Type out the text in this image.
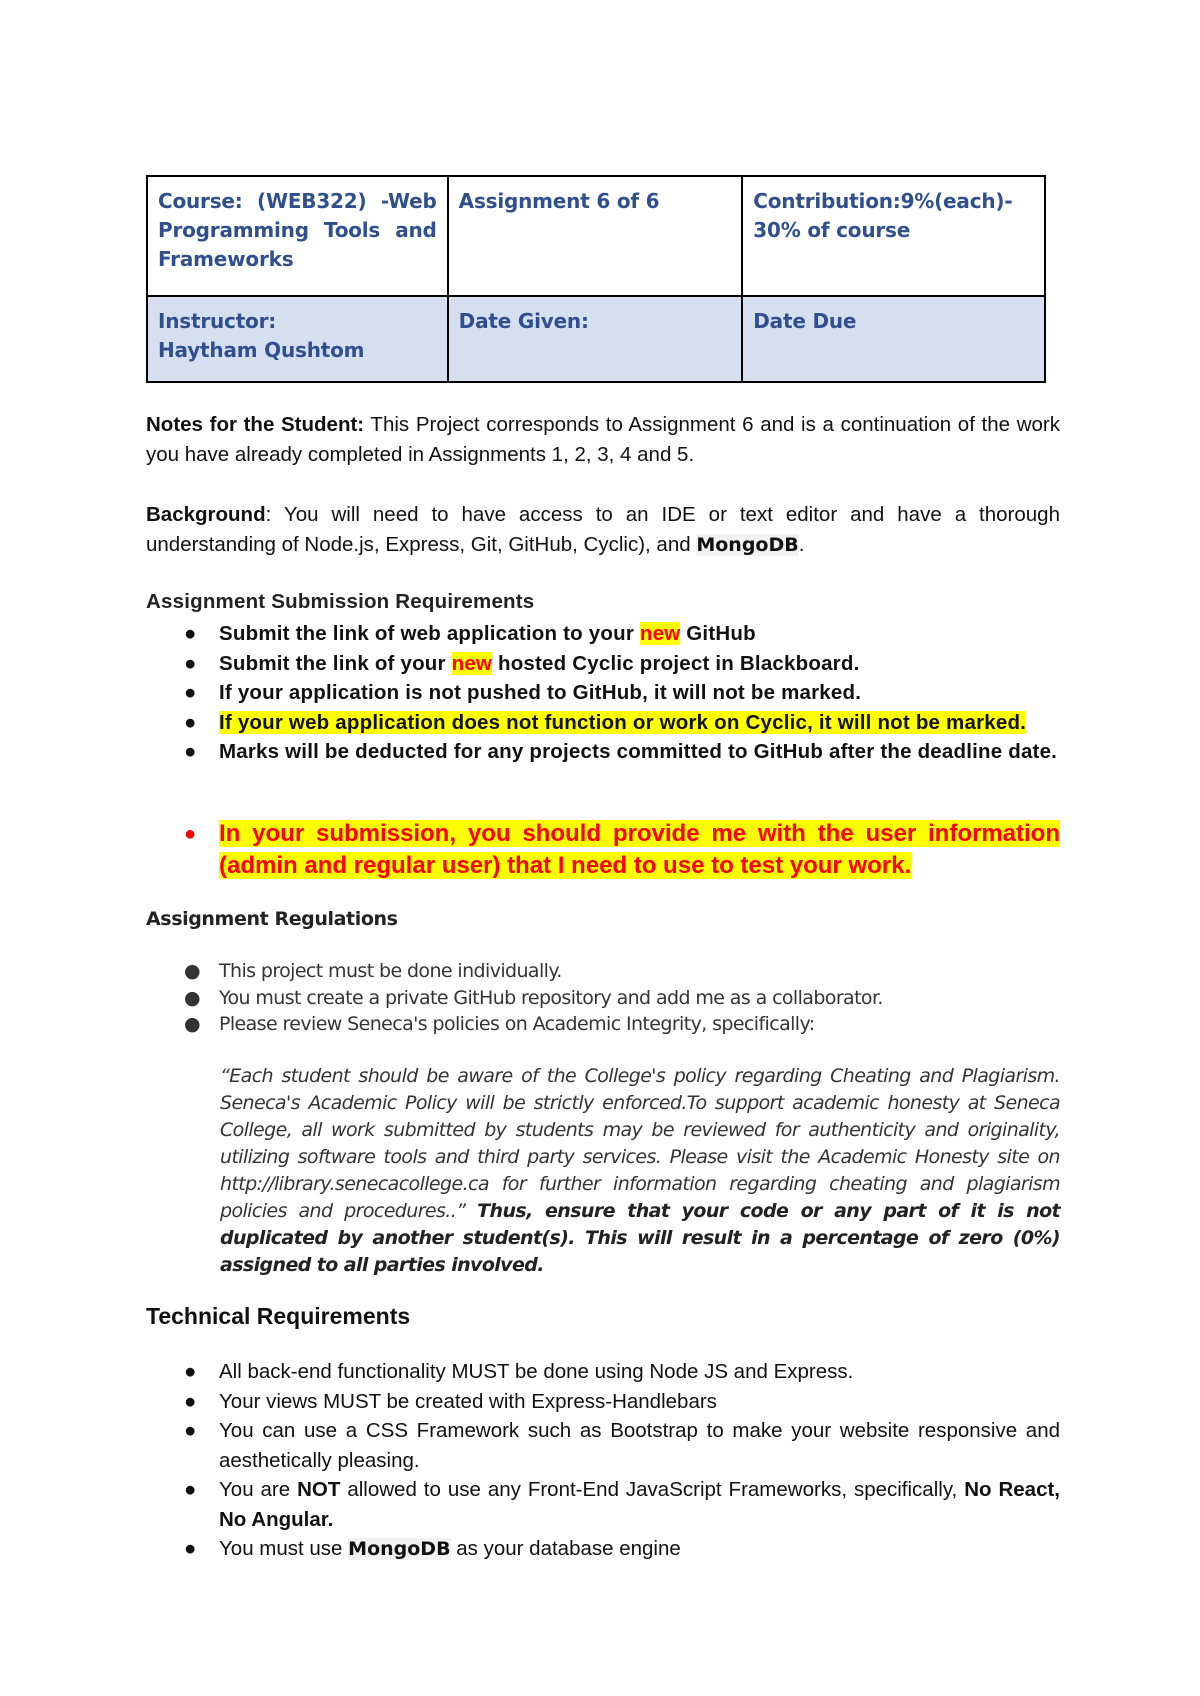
Course: (WEB322) -Web Programming Tools and Frameworks	Assignment 6 of 6	Contribution:9%(each)-
30% of course

Instructor:
Haytham Qushtom	Date Given:	Date Due
Notes for the Student: This Project corresponds to Assignment 6 and is a continuation of the work you have already completed in Assignments 1, 2, 3, 4 and 5.
Background: You will need to have access to an IDE or text editor and have a thorough understanding of Node.js, Express, Git, GitHub, Cyclic), and MongoDB.
Assignment Submission Requirements
● Submit the link of web application to your new GitHub
● Submit the link of your new hosted Cyclic project in Blackboard.
● If your application is not pushed to GitHub, it will not be marked.
● If your web application does not function or work on Cyclic, it will not be marked.
● Marks will be deducted for any projects committed to GitHub after the deadline date.
● In your submission, you should provide me with the user information (admin and regular user) that I need to use to test your work.
Assignment Regulations
● This project must be done individually.
● You must create a private GitHub repository and add me as a collaborator.
● Please review Seneca's policies on Academic Integrity, specifically:
“Each student should be aware of the College's policy regarding Cheating and Plagiarism. Seneca's Academic Policy will be strictly enforced.To support academic honesty at Seneca College, all work submitted by students may be reviewed for authenticity and originality, utilizing software tools and third party services. Please visit the Academic Honesty site on http://library.senecacollege.ca for further information regarding cheating and plagiarism policies and procedures..” Thus, ensure that your code or any part of it is not duplicated by another student(s). This will result in a percentage of zero (0%) assigned to all parties involved.
Technical Requirements
● All back-end functionality MUST be done using Node JS and Express.
● Your views MUST be created with Express-Handlebars
● You can use a CSS Framework such as Bootstrap to make your website responsive and aesthetically pleasing.
● You are NOT allowed to use any Front-End JavaScript Frameworks, specifically, No React, No Angular.
● You must use MongoDB as your database engine
